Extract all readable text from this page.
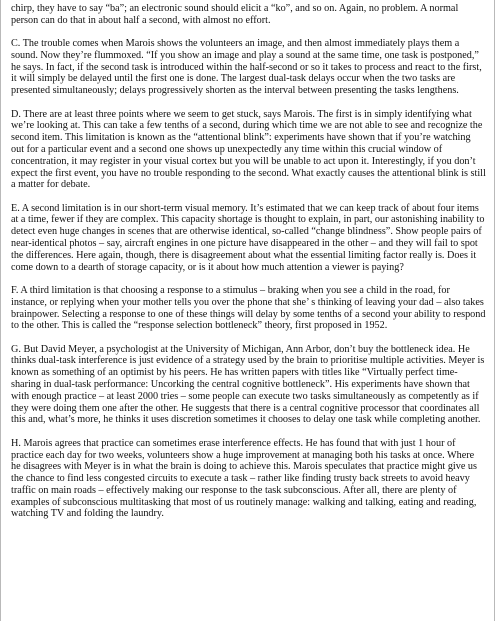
chirp, they have to say “ba”; an electronic sound should elicit a “ko”, and so on. Again, no problem. A normal person can do that in about half a second, with almost no effort.

C. The trouble comes when Marois shows the volunteers an image, and then almost immediately plays them a sound. Now they’re flummoxed. “If you show an image and play a sound at the same time, one task is postponed,” he says. In fact, if the second task is introduced within the half-second or so it takes to process and react to the first, it will simply be delayed until the first one is done. The largest dual-task delays occur when the two tasks are presented simultaneously; delays progressively shorten as the interval between presenting the tasks lengthens.

D. There are at least three points where we seem to get stuck, says Marois. The first is in simply identifying what we’re looking at. This can take a few tenths of a second, during which time we are not able to see and recognize the second item. This limitation is known as the “attentional blink”: experiments have shown that if you’re watching out for a particular event and a second one shows up unexpectedly any time within this crucial window of concentration, it may register in your visual cortex but you will be unable to act upon it. Interestingly, if you don’t expect the first event, you have no trouble responding to the second. What exactly causes the attentional blink is still a matter for debate.

E. A second limitation is in our short-term visual memory. It’s estimated that we can keep track of about four items at a time, fewer if they are complex. This capacity shortage is thought to explain, in part, our astonishing inability to detect even huge changes in scenes that are otherwise identical, so-called “change blindness”. Show people pairs of near-identical photos – say, aircraft engines in one picture have disappeared in the other – and they will fail to spot the differences. Here again, though, there is disagreement about what the essential limiting factor really is. Does it come down to a dearth of storage capacity, or is it about how much attention a viewer is paying?

F. A third limitation is that choosing a response to a stimulus – braking when you see a child in the road, for instance, or replying when your mother tells you over the phone that she’ s thinking of leaving your dad – also takes brainpower. Selecting a response to one of these things will delay by some tenths of a second your ability to respond to the other. This is called the “response selection bottleneck” theory, first proposed in 1952.

G. But David Meyer, a psychologist at the University of Michigan, Ann Arbor, don’t buy the bottleneck idea. He thinks dual-task interference is just evidence of a strategy used by the brain to prioritise multiple activities. Meyer is known as something of an optimist by his peers. He has written papers with titles like “Virtually perfect time-sharing in dual-task performance: Uncorking the central cognitive bottleneck”. His experiments have shown that with enough practice – at least 2000 tries – some people can execute two tasks simultaneously as competently as if they were doing them one after the other. He suggests that there is a central cognitive processor that coordinates all this and, what’s more, he thinks it uses discretion sometimes it chooses to delay one task while completing another.

H. Marois agrees that practice can sometimes erase interference effects. He has found that with just 1 hour of practice each day for two weeks, volunteers show a huge improvement at managing both his tasks at once. Where he disagrees with Meyer is in what the brain is doing to achieve this. Marois speculates that practice might give us the chance to find less congested circuits to execute a task – rather like finding trusty back streets to avoid heavy traffic on main roads – effectively making our response to the task subconscious. After all, there are plenty of examples of subconscious multitasking that most of us routinely manage: walking and talking, eating and reading, watching TV and folding the laundry.
